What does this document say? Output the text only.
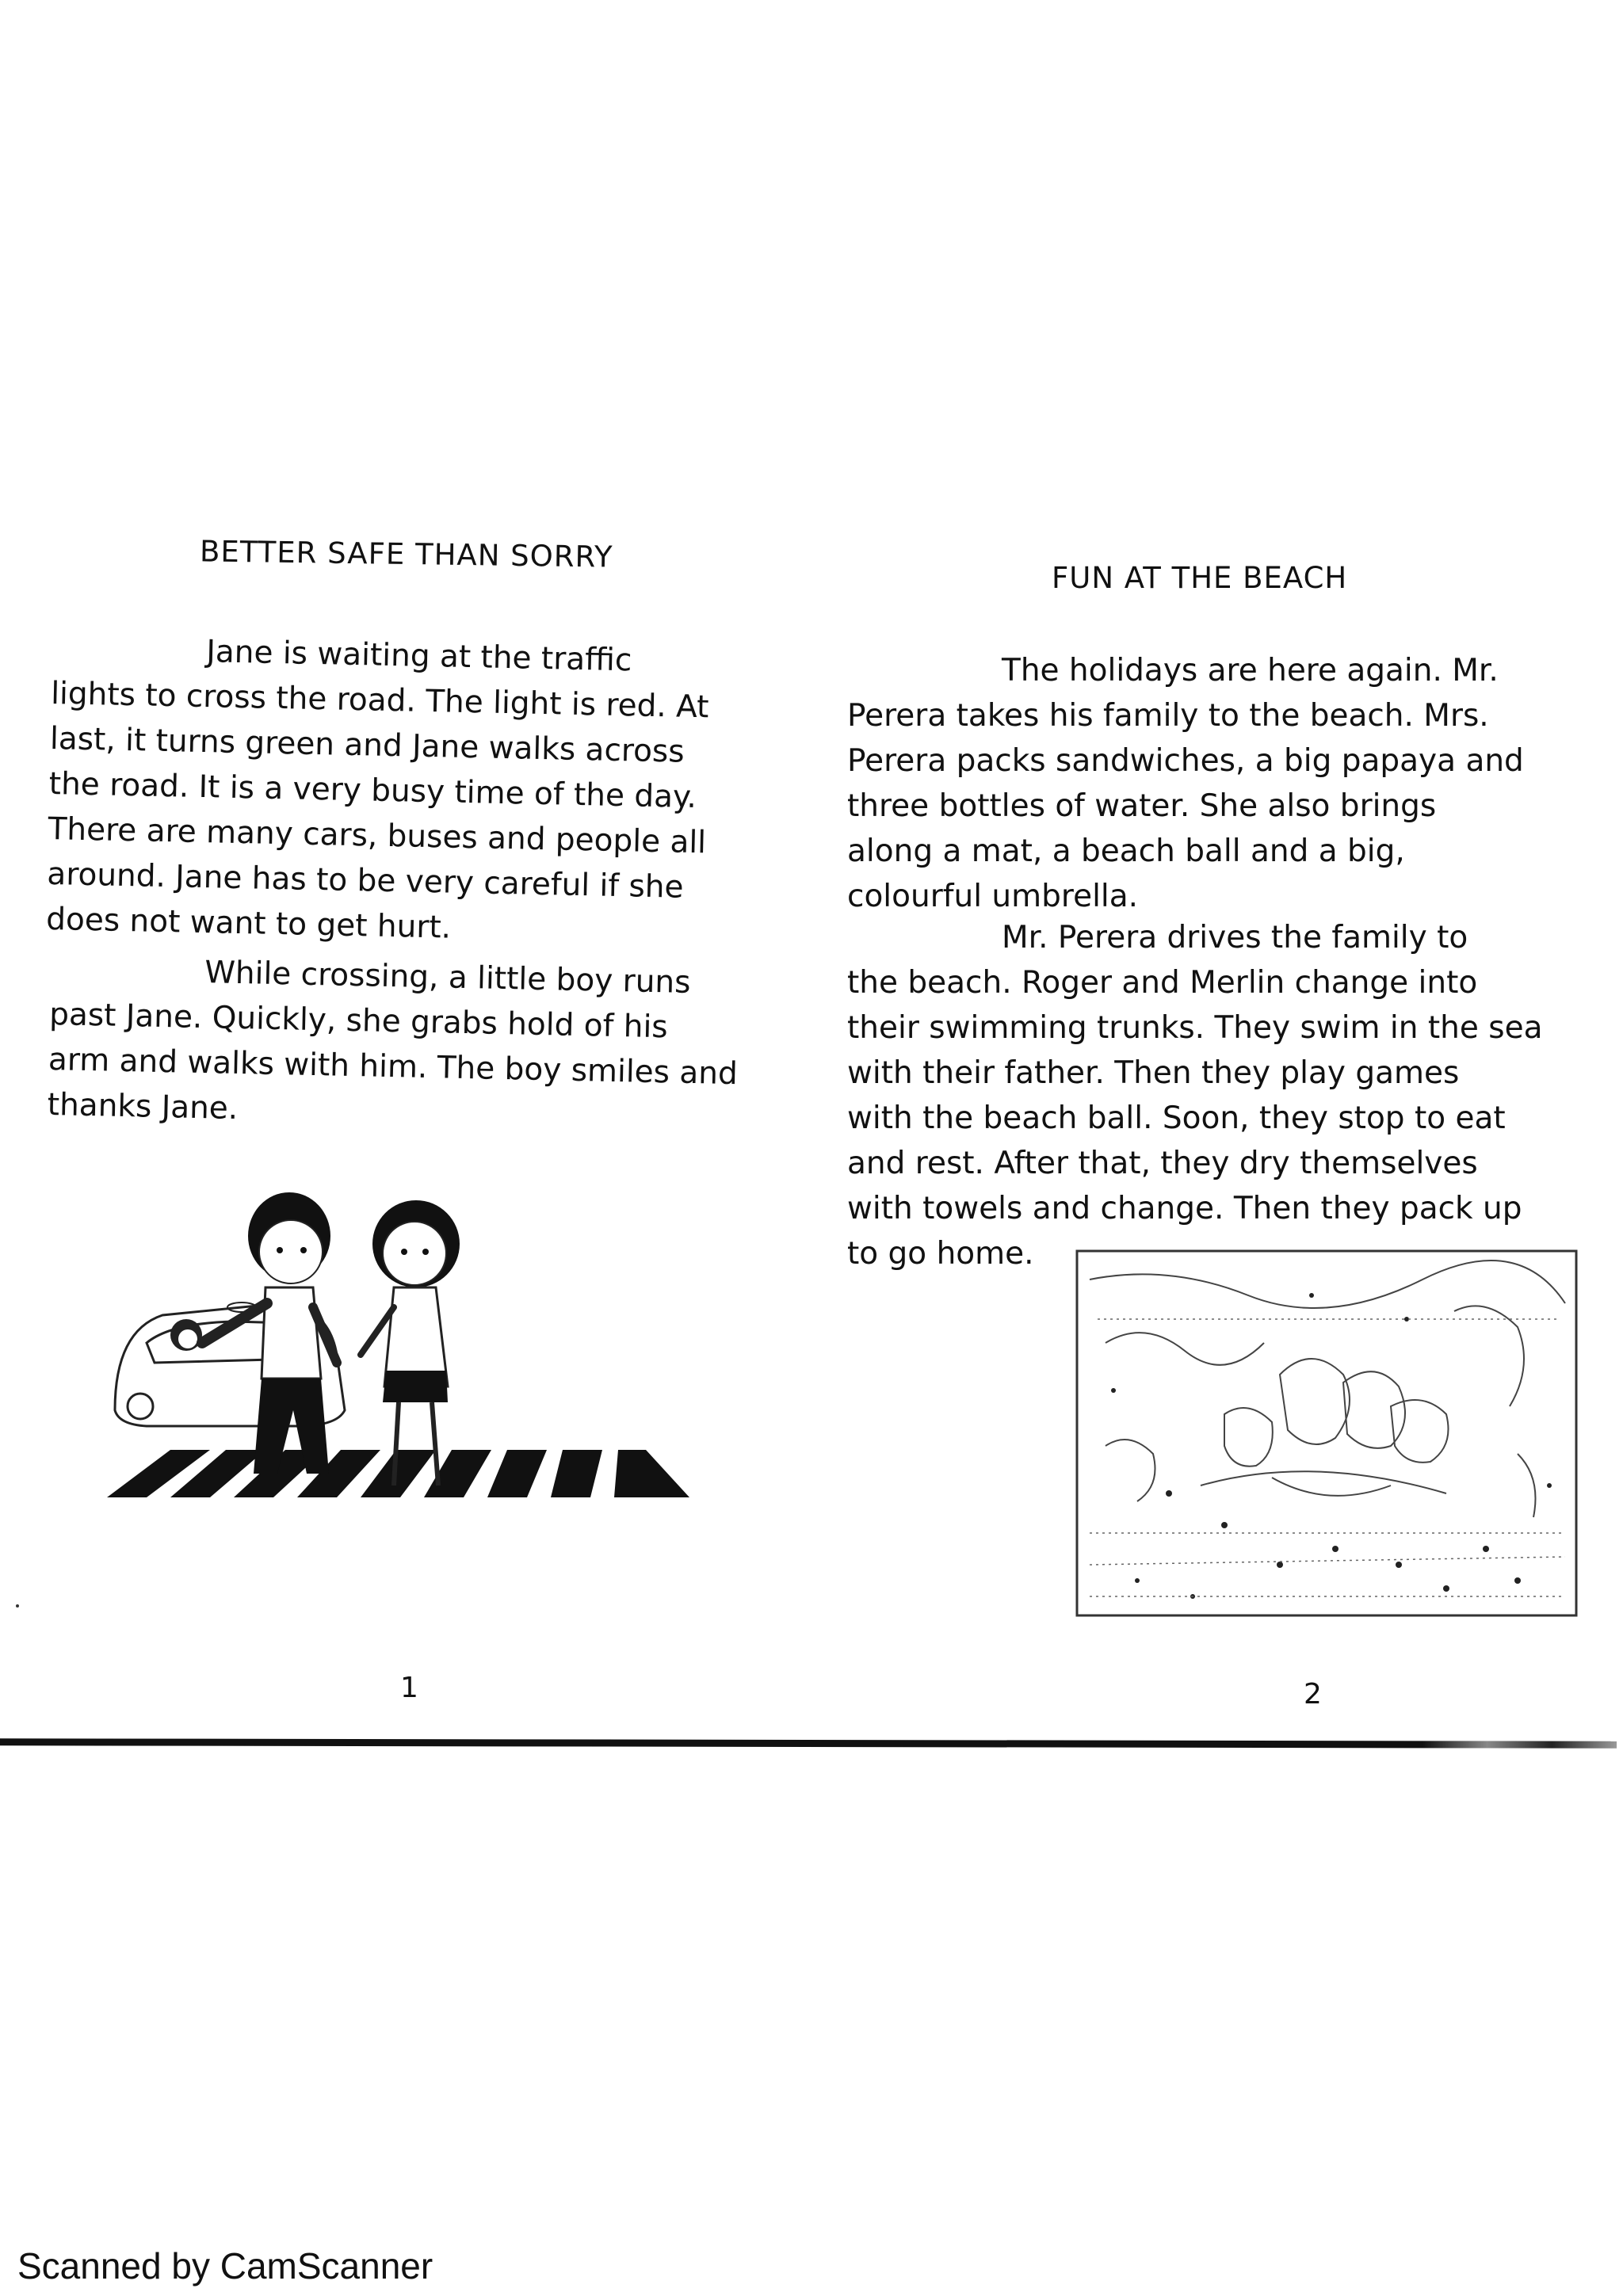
BETTER SAFE THAN SORRY

Jane is waiting at the traffic
lights to cross the road. The light is red. At
last, it turns green and Jane walks across
the road. It is a very busy time of the day.
There are many cars, buses and people all
around. Jane has to be very careful if she
does not want to get hurt.

While crossing, a little boy runs
past Jane. Quickly, she grabs hold of his
arm and walks with him. The boy smiles and
thanks Jane.

FUN AT THE BEACH

The holidays are here again. Mr.
Perera takes his family to the beach. Mrs.
Perera packs sandwiches, a big papaya and
three bottles of water. She also brings
along a mat, a beach ball and a big,
colourful umbrella.

Mr. Perera drives the family to
the beach. Roger and Merlin change into
their swimming trunks. They swim in the sea
with their father. Then they play games
with the beach ball. Soon, they stop to eat
and rest. After that, they dry themselves
with towels and change. Then they pack up
to go home.

1	2
Scanned by CamScanner
